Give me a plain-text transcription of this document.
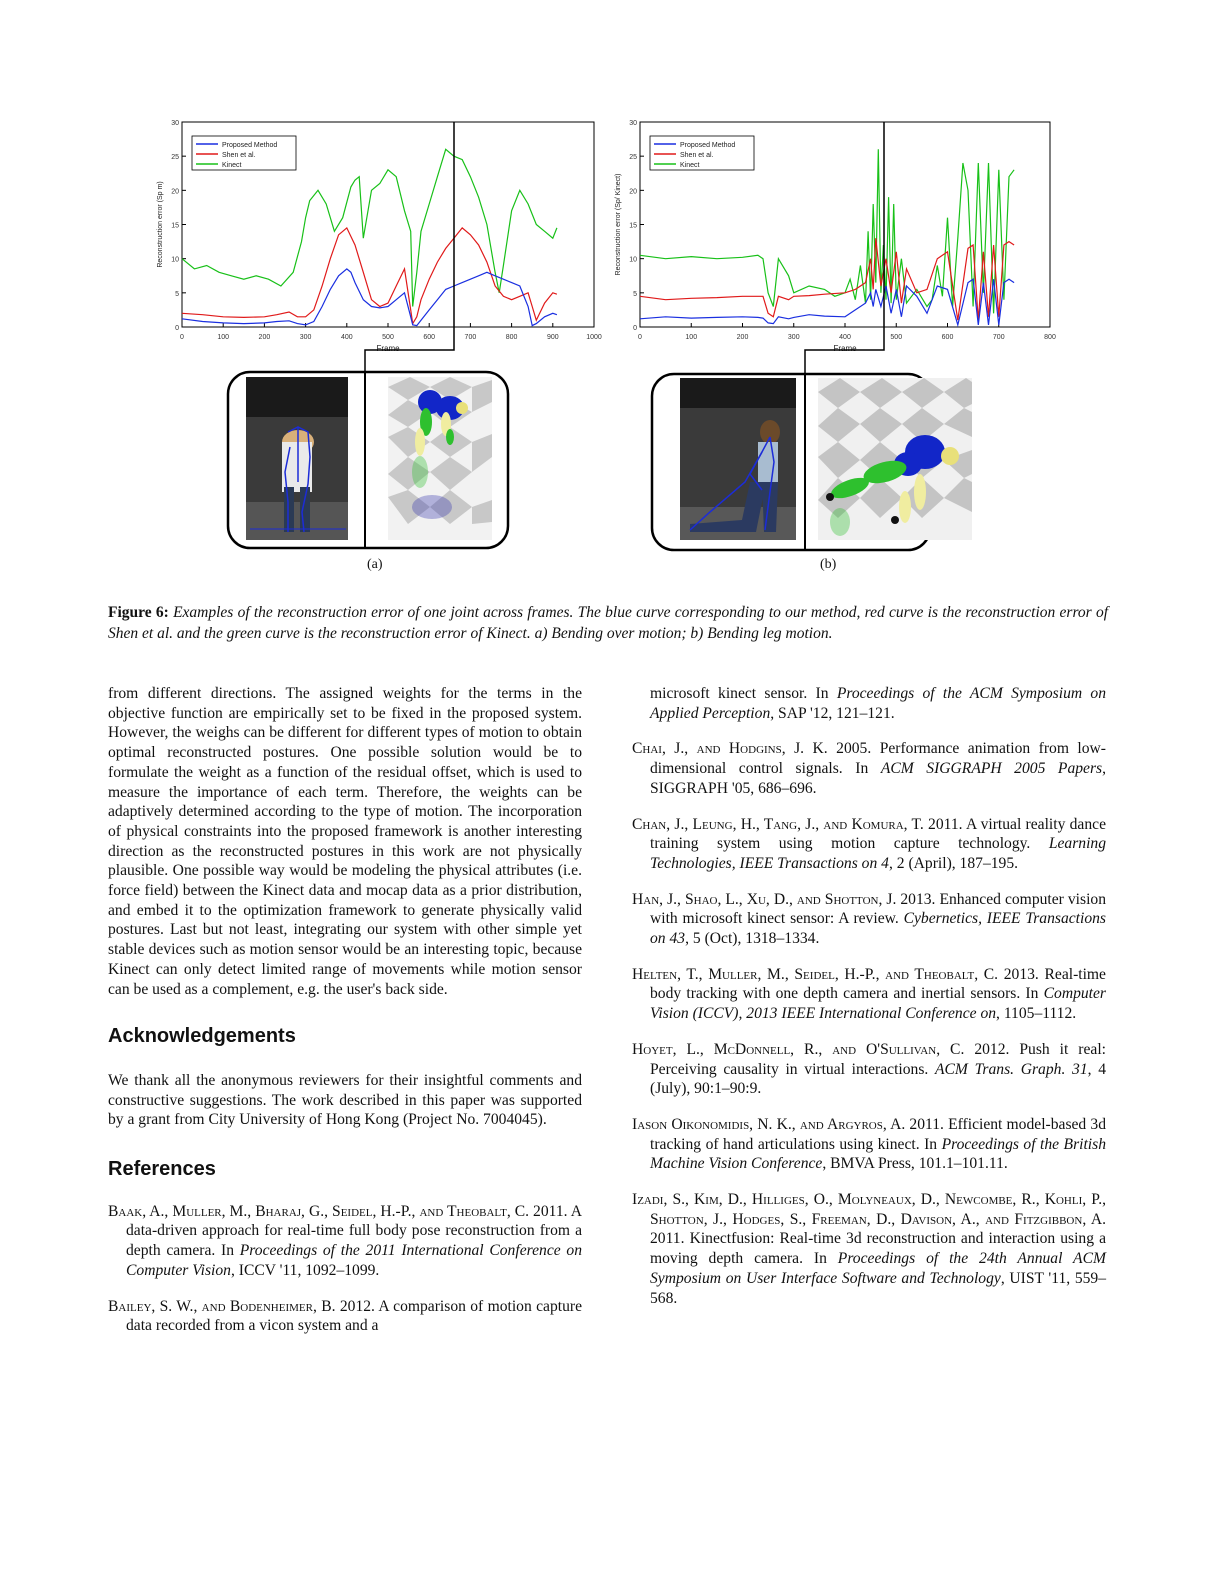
0	100	200	300	400	500	600	700	800	900	1000
0
5
10
15
20
25
30
Frame
Reconstruction error (Sp m)
Proposed Method
Shen et al.
Kinect
0	100	200	300	400	500	600	700	800
0
5
10
15
20
25
30
Frame
Reconstruction error (Sp/ Kinect)
Proposed Method
Shen et al.
Kinect
(a)	(b)
Figure 6: Examples of the reconstruction error of one joint across frames. The blue curve corresponding to our method, red curve is the reconstruction error of Shen et al. and the green curve is the reconstruction error of Kinect. a) Bending over motion; b) Bending leg motion.

from different directions. The assigned weights for the terms in the objective function are empirically set to be fixed in the proposed system. However, the weighs can be different for different types of motion to obtain optimal reconstructed postures. One possible solution would be to formulate the weight as a function of the residual offset, which is used to measure the importance of each term. Therefore, the weights can be adaptively determined according to the type of motion. The incorporation of physical constraints into the proposed framework is another interesting direction as the reconstructed postures in this work are not physically plausible. One possible way would be modeling the physical attributes (i.e. force field) between the Kinect data and mocap data as a prior distribution, and embed it to the optimization framework to generate physically valid postures. Last but not least, integrating our system with other simple yet stable devices such as motion sensor would be an interesting topic, because Kinect can only detect limited range of movements while motion sensor can be used as a complement, e.g. the user's back side.

Acknowledgements

We thank all the anonymous reviewers for their insightful comments and constructive suggestions. The work described in this paper was supported by a grant from City University of Hong Kong (Project No. 7004045).

References

Baak, A., Muller, M., Bharaj, G., Seidel, H.-P., and Theobalt, C. 2011. A data-driven approach for real-time full body pose reconstruction from a depth camera. In Proceedings of the 2011 International Conference on Computer Vision, ICCV '11, 1092–1099.

Bailey, S. W., and Bodenheimer, B. 2012. A comparison of motion capture data recorded from a vicon system and a

microsoft kinect sensor. In Proceedings of the ACM Symposium on Applied Perception, SAP '12, 121–121.

Chai, J., and Hodgins, J. K. 2005. Performance animation from low-dimensional control signals. In ACM SIGGRAPH 2005 Papers, SIGGRAPH '05, 686–696.

Chan, J., Leung, H., Tang, J., and Komura, T. 2011. A virtual reality dance training system using motion capture technology. Learning Technologies, IEEE Transactions on 4, 2 (April), 187–195.

Han, J., Shao, L., Xu, D., and Shotton, J. 2013. Enhanced computer vision with microsoft kinect sensor: A review. Cybernetics, IEEE Transactions on 43, 5 (Oct), 1318–1334.

Helten, T., Muller, M., Seidel, H.-P., and Theobalt, C. 2013. Real-time body tracking with one depth camera and inertial sensors. In Computer Vision (ICCV), 2013 IEEE International Conference on, 1105–1112.

Hoyet, L., McDonnell, R., and O'Sullivan, C. 2012. Push it real: Perceiving causality in virtual interactions. ACM Trans. Graph. 31, 4 (July), 90:1–90:9.

Iason Oikonomidis, N. K., and Argyros, A. 2011. Efficient model-based 3d tracking of hand articulations using kinect. In Proceedings of the British Machine Vision Conference, BMVA Press, 101.1–101.11.

Izadi, S., Kim, D., Hilliges, O., Molyneaux, D., Newcombe, R., Kohli, P., Shotton, J., Hodges, S., Freeman, D., Davison, A., and Fitzgibbon, A. 2011. Kinectfusion: Real-time 3d reconstruction and interaction using a moving depth camera. In Proceedings of the 24th Annual ACM Symposium on User Interface Software and Technology, UIST '11, 559–568.
